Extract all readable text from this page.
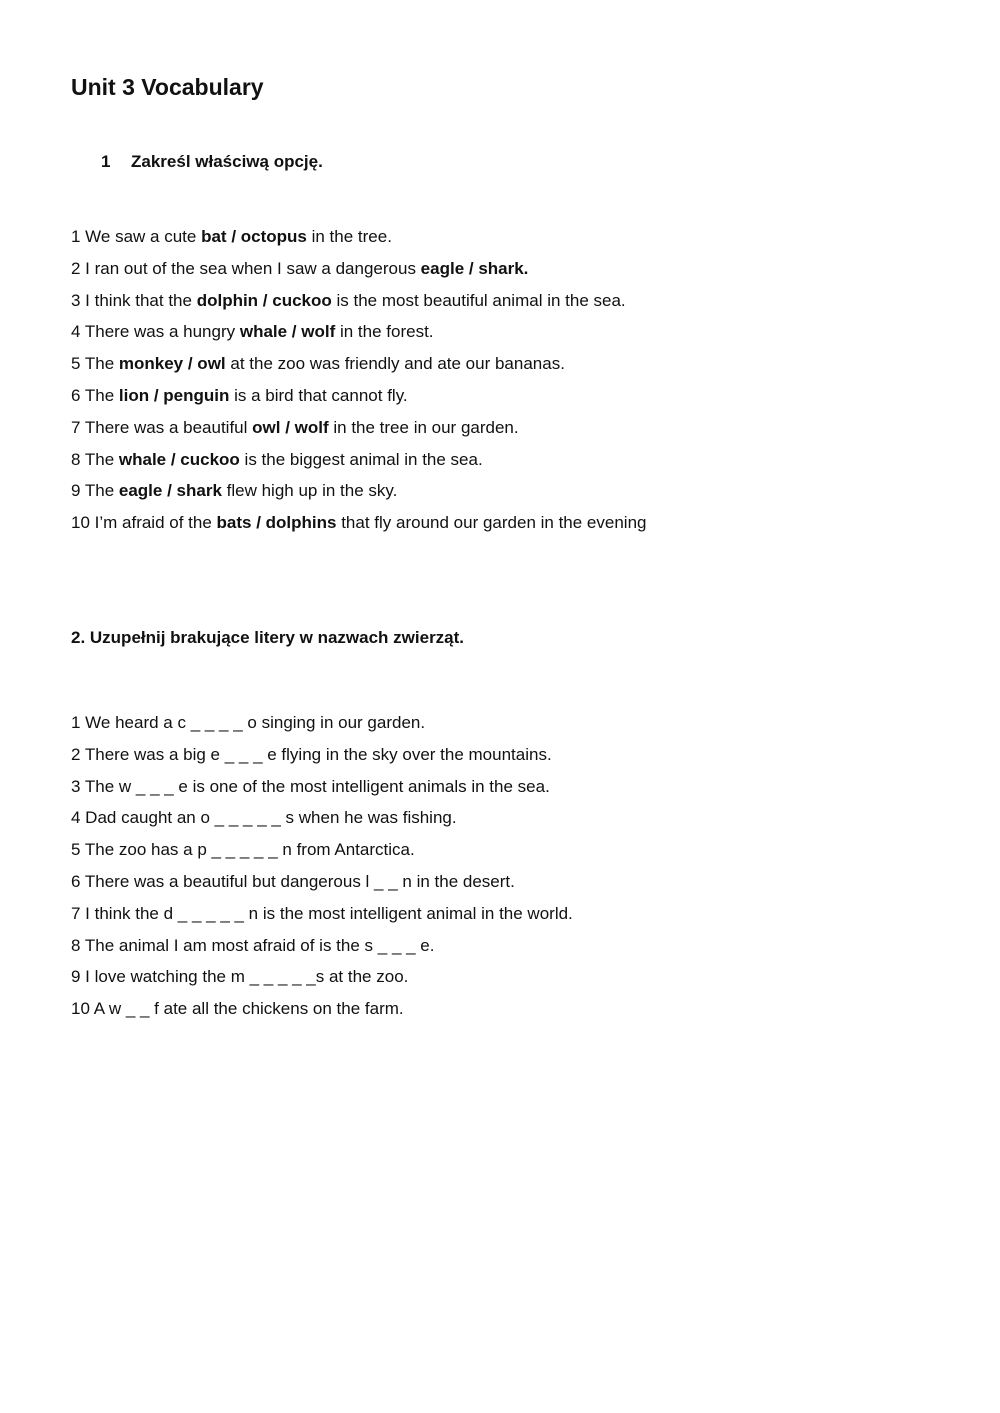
Unit 3 Vocabulary

1 Zakreśl właściwą opcję.

1 We saw a cute bat / octopus in the tree.
2 I ran out of the sea when I saw a dangerous eagle / shark.
3 I think that the dolphin / cuckoo is the most beautiful animal in the sea.
4 There was a hungry whale / wolf in the forest.
5 The monkey / owl at the zoo was friendly and ate our bananas.
6 The lion / penguin is a bird that cannot fly.
7 There was a beautiful owl / wolf in the tree in our garden.
8 The whale / cuckoo is the biggest animal in the sea.
9 The eagle / shark flew high up in the sky.
10 I’m afraid of the bats / dolphins that fly around our garden in the evening

2. Uzupełnij brakujące litery w nazwach zwierząt.

1 We heard a c _ _ _ _ o singing in our garden.
2 There was a big e _ _ _ e flying in the sky over the mountains.
3 The w _ _ _ e is one of the most intelligent animals in the sea.
4 Dad caught an o _ _ _ _ _ s when he was fishing.
5 The zoo has a p _ _ _ _ _ n from Antarctica.
6 There was a beautiful but dangerous l _ _ n in the desert.
7 I think the d _ _ _ _ _ n is the most intelligent animal in the world.
8 The animal I am most afraid of is the s _ _ _ e.
9 I love watching the m _ _ _ _ _s at the zoo.
10 A w _ _ f ate all the chickens on the farm.
